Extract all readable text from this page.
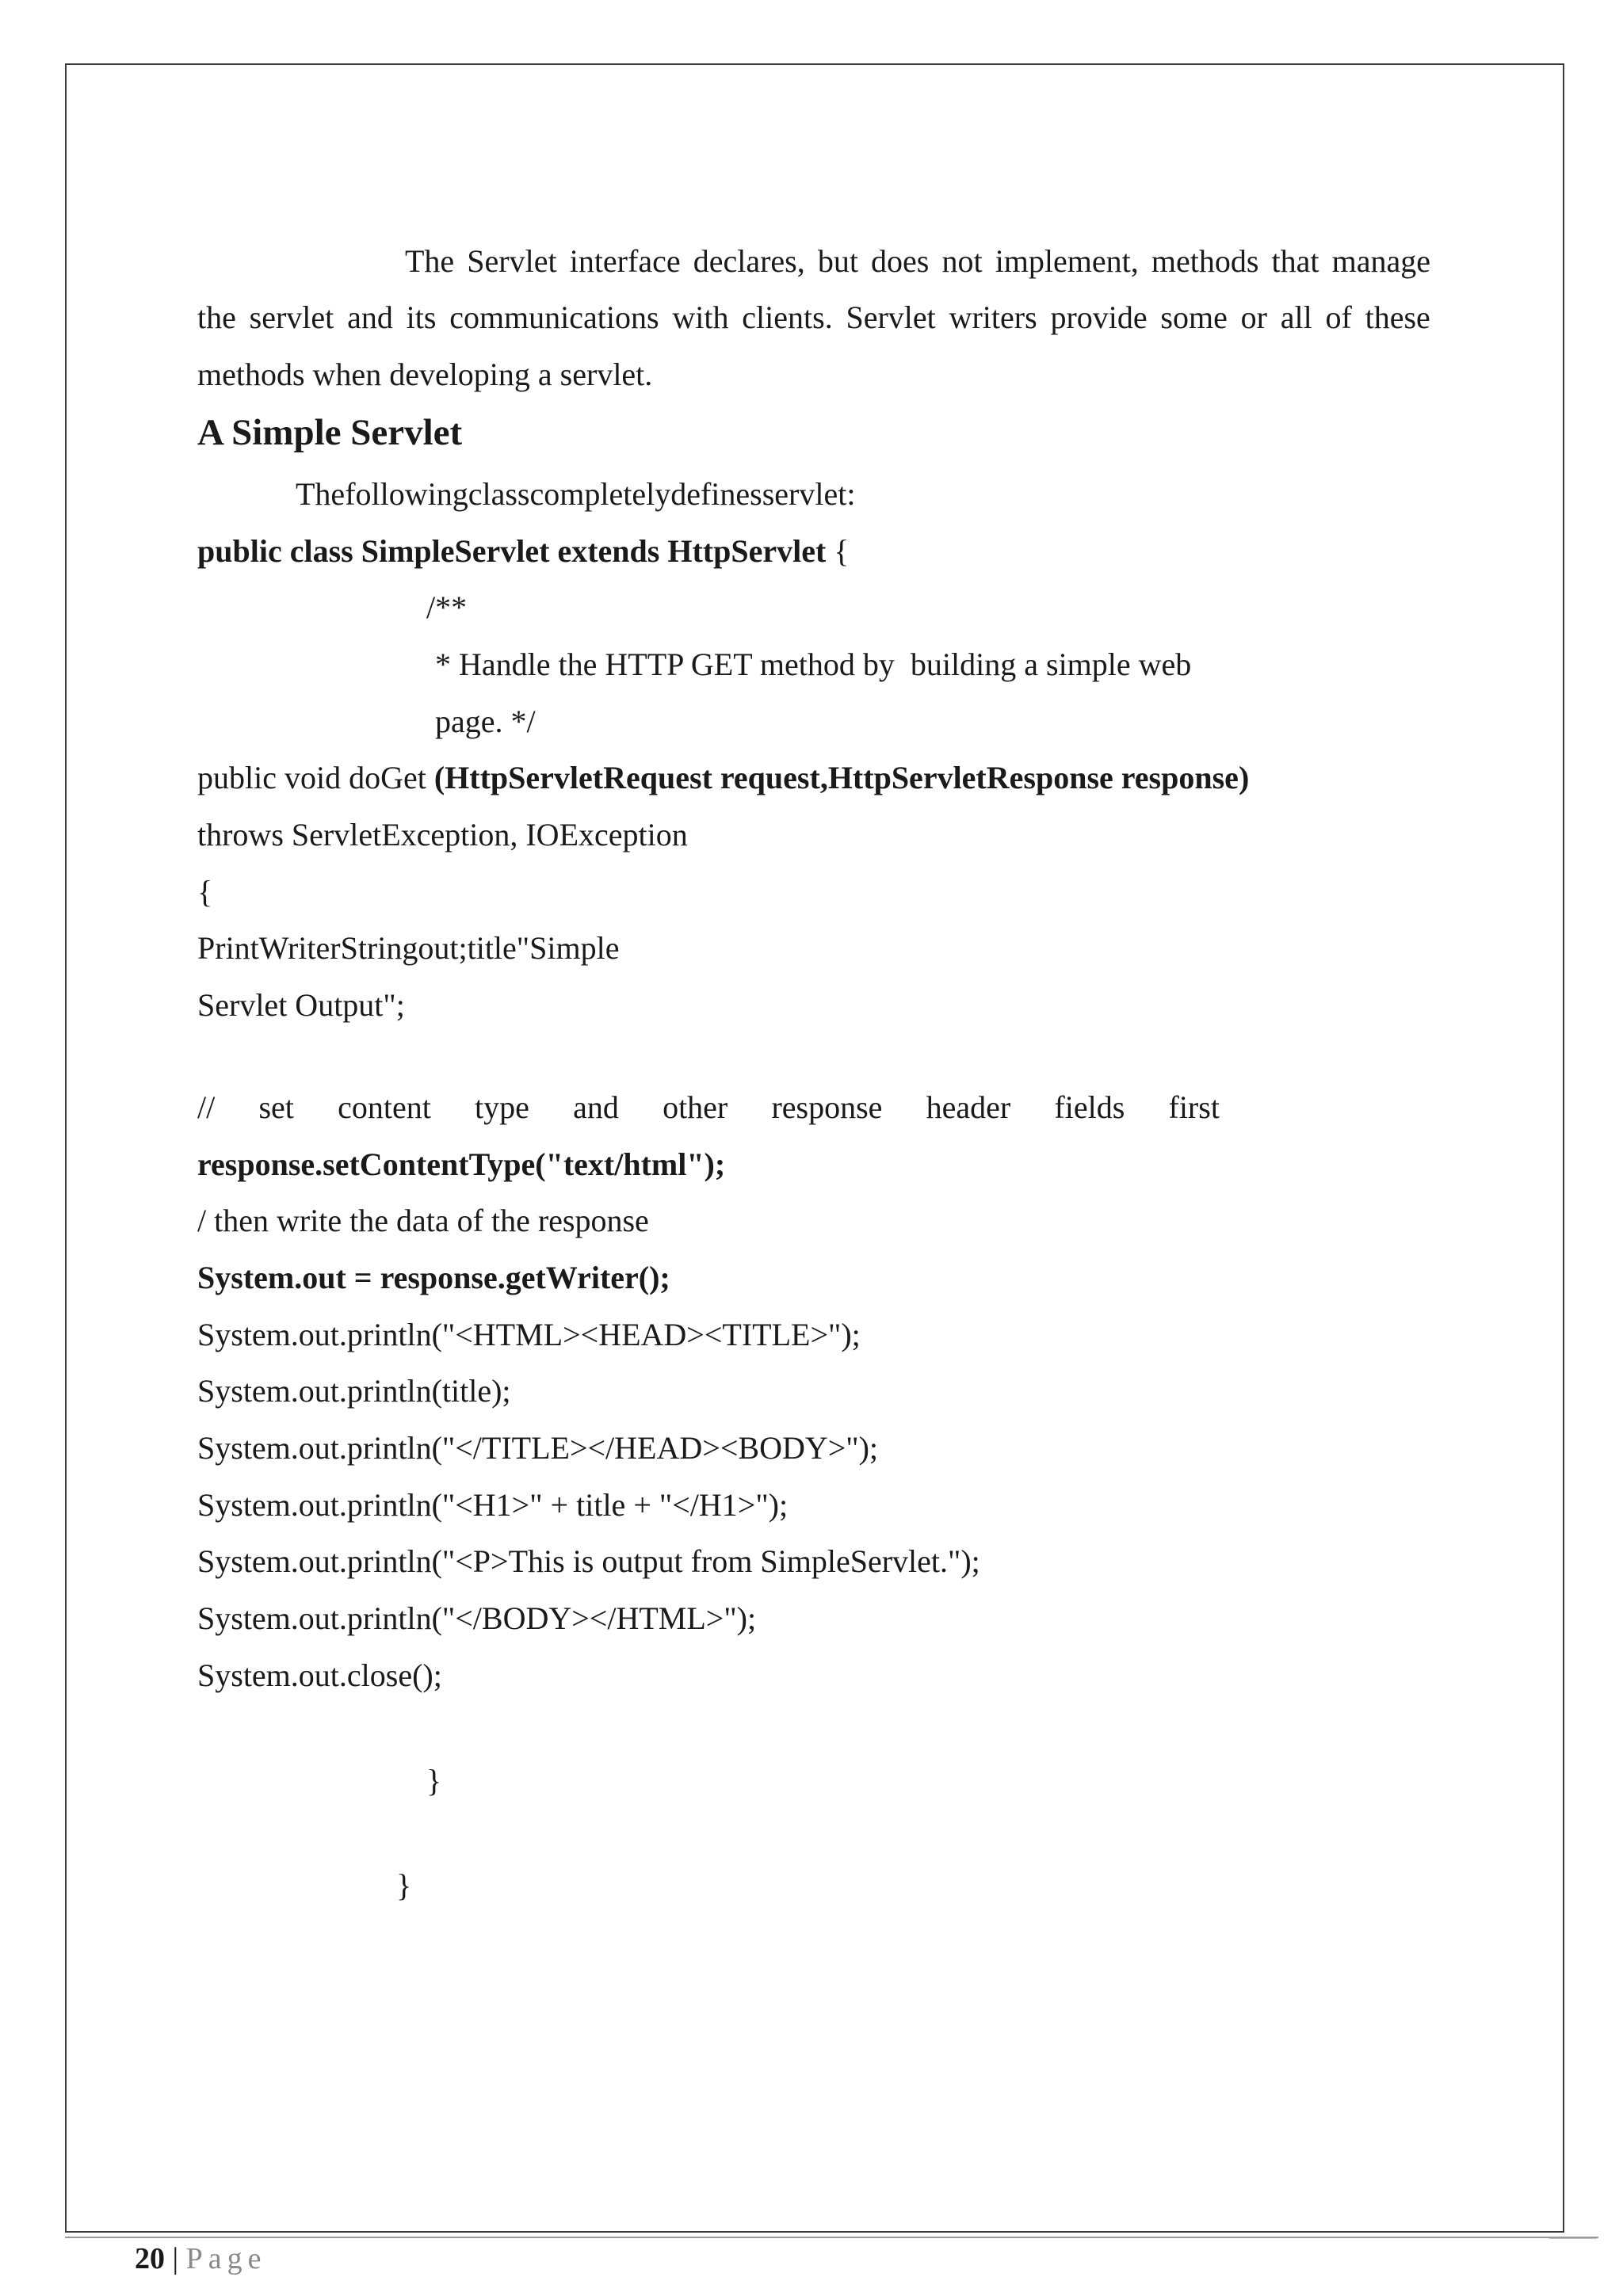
The Servlet interface declares, but does not implement, methods that manage
the servlet and its communications with clients. Servlet writers provide some or all of these
methods when developing a servlet.
A Simple Servlet
Thefollowingclasscompletelydefinesservlet:
public class SimpleServlet extends HttpServlet {
/**
* Handle the HTTP GET method by  building a simple web
page. */
public void doGet (HttpServletRequest request,HttpServletResponse response)
throws ServletException, IOException
{
PrintWriterStringout;title"Simple
Servlet Output";
// set content type and other response header fields first
response.setContentType("text/html");
/ then write the data of the response
System.out = response.getWriter();
System.out.println("<HTML><HEAD><TITLE>");
System.out.println(title);
System.out.println("</TITLE></HEAD><BODY>");
System.out.println("<H1>" + title + "</H1>");
System.out.println("<P>This is output from SimpleServlet.");
System.out.println("</BODY></HTML>");
System.out.close();
}
}
20 | Page
